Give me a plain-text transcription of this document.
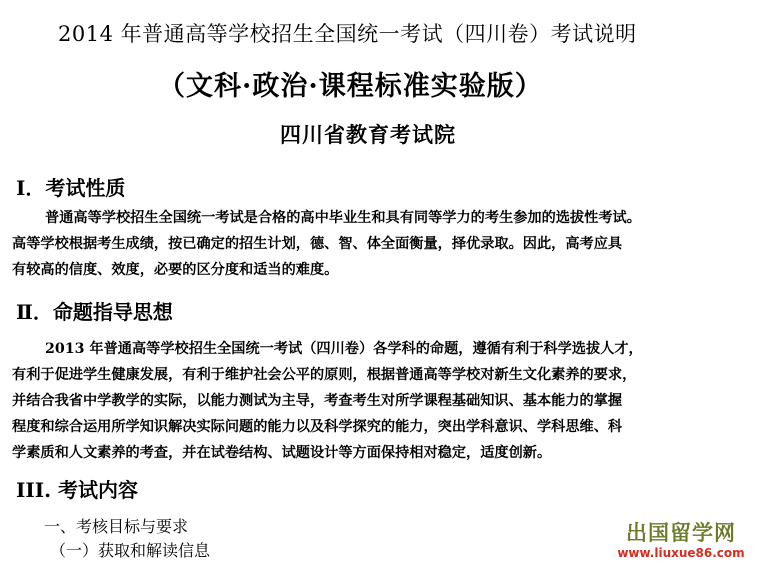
2014 年普通高等学校招生全国统一考试（四川卷）考试说明
（文科·政治·课程标准实验版）
四川省教育考试院
Ⅰ．考试性质
普通高等学校招生全国统一考试是合格的高中毕业生和具有同等学力的考生参加的选拔性考试。
高等学校根据考生成绩，按已确定的招生计划，德、智、体全面衡量，择优录取。因此，高考应具
有较高的信度、效度，必要的区分度和适当的难度。
Ⅱ．命题指导思想
2013 年普通高等学校招生全国统一考试（四川卷）各学科的命题，遵循有利于科学选拔人才，
有利于促进学生健康发展，有利于维护社会公平的原则，根据普通高等学校对新生文化素养的要求，
并结合我省中学教学的实际，以能力测试为主导，考查考生对所学课程基础知识、基本能力的掌握
程度和综合运用所学知识解决实际问题的能力以及科学探究的能力，突出学科意识、学科思维、科
学素质和人文素养的考查，并在试卷结构、试题设计等方面保持相对稳定，适度创新。
III. 考试内容
一、考核目标与要求
（一）获取和解读信息
出国留学网
www.liuxue86.com
